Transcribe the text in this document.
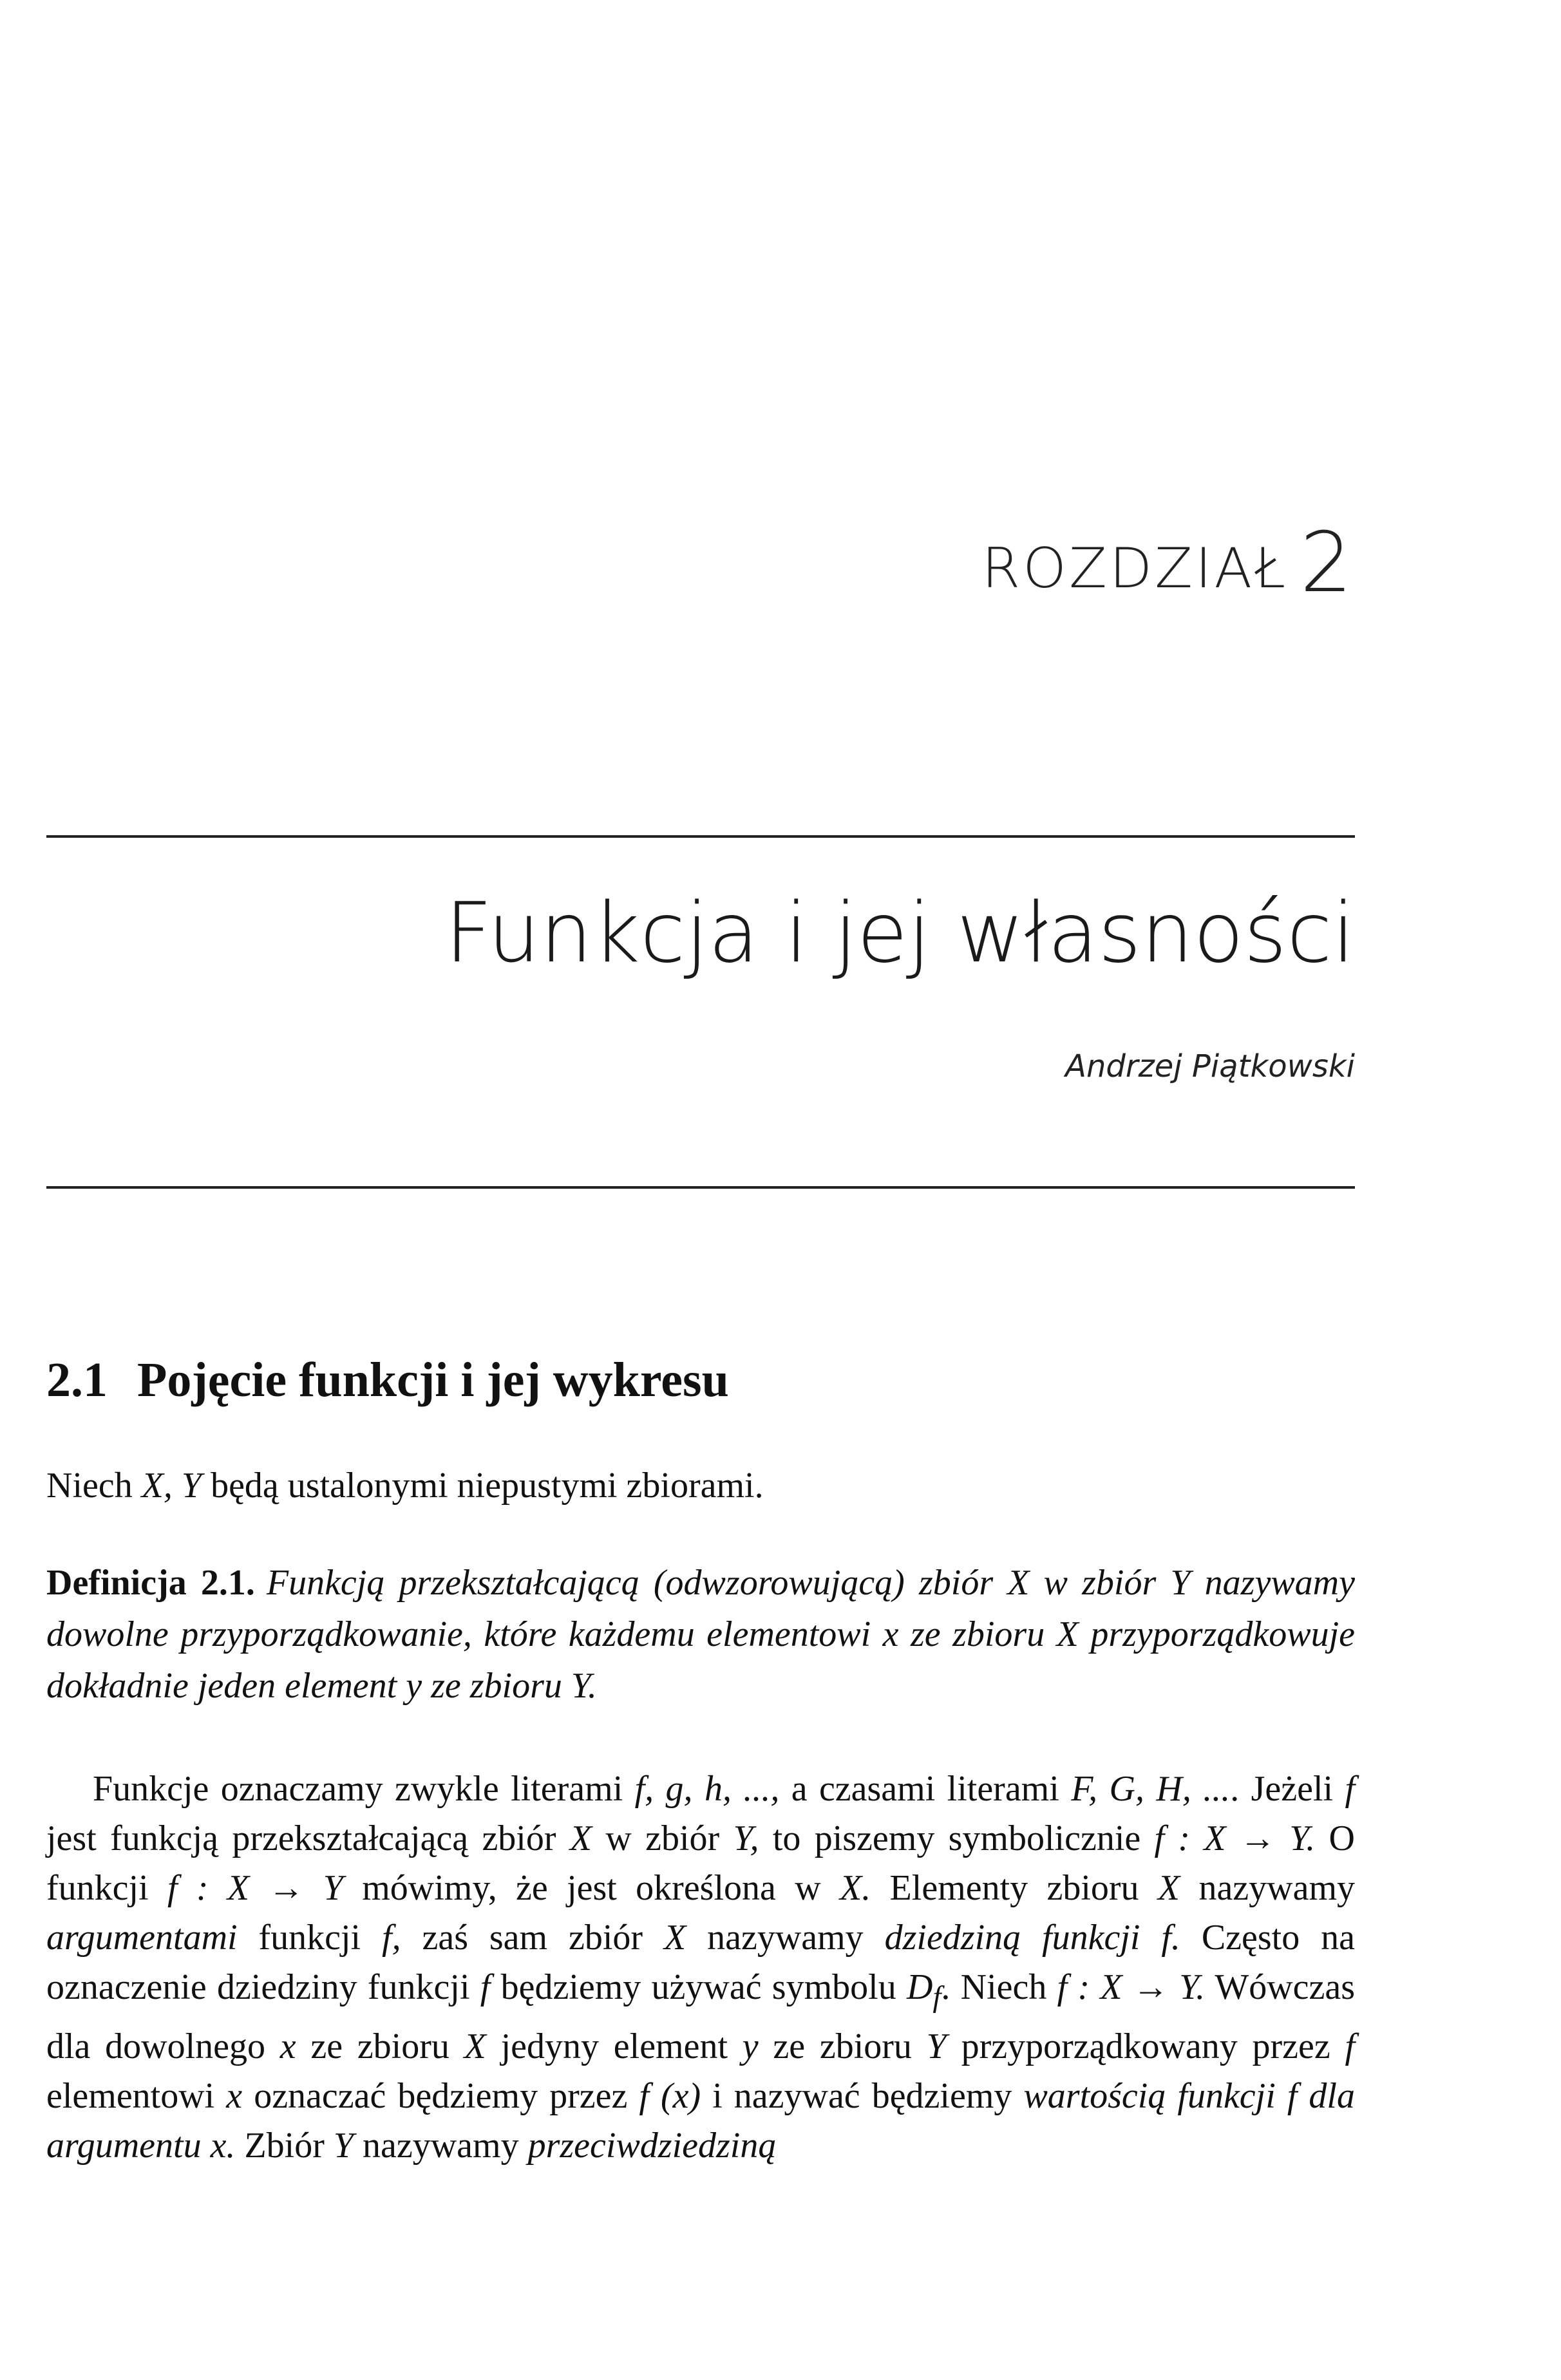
ROZDZIAŁ 2
Funkcja i jej własności
Andrzej Piątkowski
2.1 Pojęcie funkcji i jej wykresu
Niech X, Y będą ustalonymi niepustymi zbiorami.
Definicja 2.1. Funkcją przekształcającą (odwzorowującą) zbiór X w zbiór Y nazywamy dowolne przyporządkowanie, które każdemu elementowi x ze zbioru X przyporządkowuje dokładnie jeden element y ze zbioru Y.
Funkcje oznaczamy zwykle literami f, g, h, ..., a czasami literami F, G, H, .... Jeżeli f jest funkcją przekształcającą zbiór X w zbiór Y, to piszemy symbolicznie f : X → Y. O funkcji f : X → Y mówimy, że jest określona w X. Elementy zbioru X nazywamy argumentami funkcji f, zaś sam zbiór X nazywamy dziedziną funkcji f. Często na oznaczenie dziedziny funkcji f będziemy używać symbolu $D_f$. Niech f : X → Y. Wówczas dla dowolnego x ze zbioru X jedyny element y ze zbioru Y przyporządkowany przez f elementowi x oznaczać będziemy przez f (x) i nazywać będziemy wartością funkcji f dla argumentu x. Zbiór Y nazywamy przeciwdziedziną
